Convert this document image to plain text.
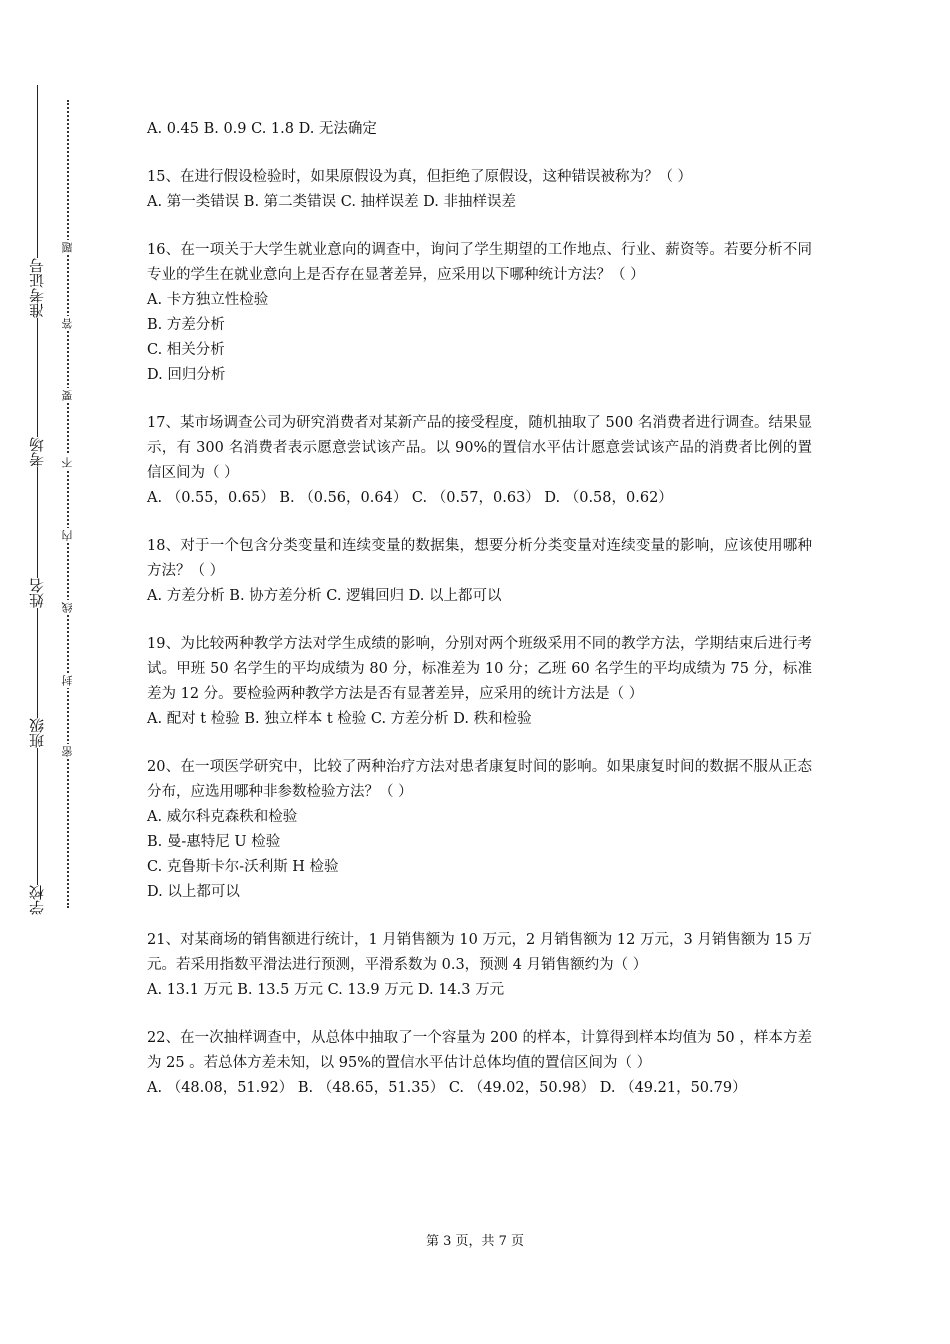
准考证号
考场
姓名
班级
学校
题
答
要
不
内
线
封
密
A. 0.45 B. 0.9 C. 1.8 D. 无法确定
15、在进行假设检验时，如果原假设为真，但拒绝了原假设，这种错误被称为？（ ）
A. 第一类错误 B. 第二类错误 C. 抽样误差 D. 非抽样误差
16、在一项关于大学生就业意向的调查中，询问了学生期望的工作地点、行业、薪资等。若要分析不同专业的学生在就业意向上是否存在显著差异，应采用以下哪种统计方法？（ ）
A. 卡方独立性检验
B. 方差分析
C. 相关分析
D. 回归分析
17、某市场调查公司为研究消费者对某新产品的接受程度，随机抽取了 500 名消费者进行调查。结果显示，有 300 名消费者表示愿意尝试该产品。以 90%的置信水平估计愿意尝试该产品的消费者比例的置信区间为（ ）
A. （0.55，0.65） B. （0.56，0.64） C. （0.57，0.63） D. （0.58，0.62）
18、对于一个包含分类变量和连续变量的数据集，想要分析分类变量对连续变量的影响，应该使用哪种方法？（ ）
A. 方差分析 B. 协方差分析 C. 逻辑回归 D. 以上都可以
19、为比较两种教学方法对学生成绩的影响，分别对两个班级采用不同的教学方法，学期结束后进行考试。甲班 50 名学生的平均成绩为 80 分，标准差为 10 分；乙班 60 名学生的平均成绩为 75 分，标准差为 12 分。要检验两种教学方法是否有显著差异，应采用的统计方法是（ ）
A. 配对 t 检验 B. 独立样本 t 检验 C. 方差分析 D. 秩和检验
20、在一项医学研究中，比较了两种治疗方法对患者康复时间的影响。如果康复时间的数据不服从正态分布，应选用哪种非参数检验方法？（ ）
A. 威尔科克森秩和检验
B. 曼-惠特尼 U 检验
C. 克鲁斯卡尔-沃利斯 H 检验
D. 以上都可以
21、对某商场的销售额进行统计，1 月销售额为 10 万元，2 月销售额为 12 万元，3 月销售额为 15 万元。若采用指数平滑法进行预测，平滑系数为 0.3，预测 4 月销售额约为（ ）
A. 13.1 万元 B. 13.5 万元 C. 13.9 万元 D. 14.3 万元
22、在一次抽样调查中，从总体中抽取了一个容量为 200 的样本，计算得到样本均值为 50 ，样本方差为 25 。若总体方差未知，以 95%的置信水平估计总体均值的置信区间为（ ）
A. （48.08，51.92） B. （48.65，51.35） C. （49.02，50.98） D. （49.21，50.79）
第 3 页，共 7 页
